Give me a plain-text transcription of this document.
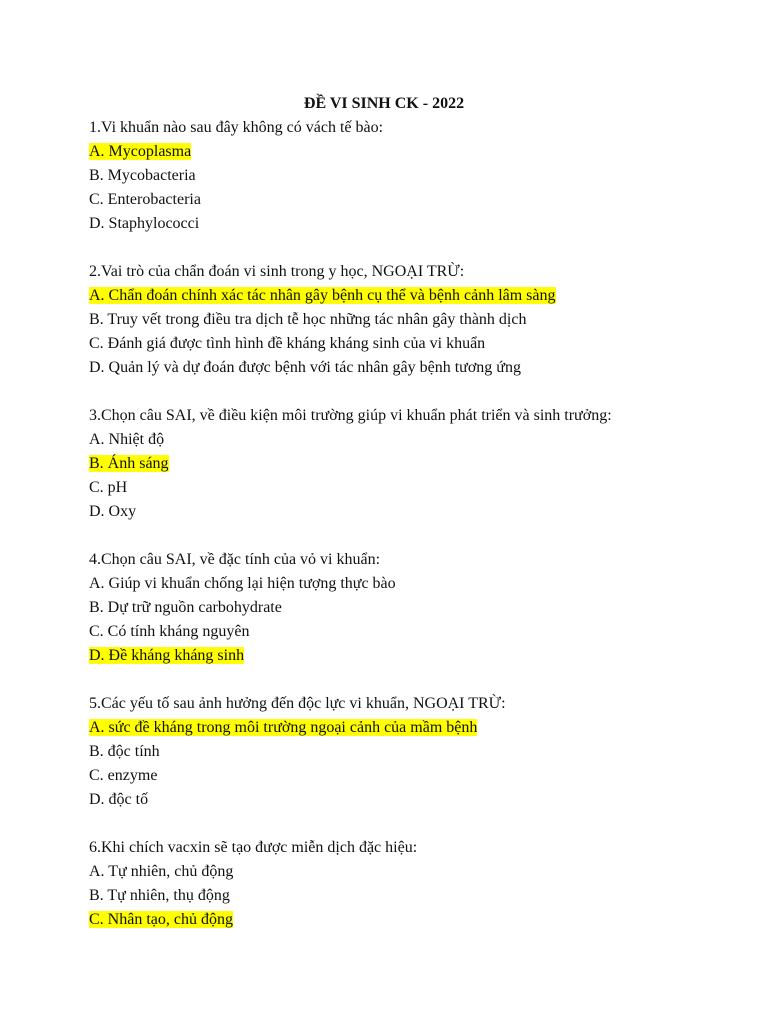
ĐỀ VI SINH CK - 2022
1.Vi khuẩn nào sau đây không có vách tế bào:
A. Mycoplasma
B. Mycobacteria
C. Enterobacteria
D. Staphylococci
2.Vai trò của chẩn đoán vi sinh trong y học, NGOẠI TRỪ:
A. Chẩn đoán chính xác tác nhân gây bệnh cụ thể và bệnh cảnh lâm sàng
B. Truy vết trong điều tra dịch tễ học những tác nhân gây thành dịch
C. Đánh giá được tình hình đề kháng kháng sinh của vi khuẩn
D. Quản lý và dự đoán được bệnh với tác nhân gây bệnh tương ứng
3.Chọn câu SAI, về điều kiện môi trường giúp vi khuẩn phát triển và sinh trưởng:
A. Nhiệt độ
B. Ánh sáng
C. pH
D. Oxy
4.Chọn câu SAI, về đặc tính của vỏ vi khuẩn:
A. Giúp vi khuẩn chống lại hiện tượng thực bào
B. Dự trữ nguồn carbohydrate
C. Có tính kháng nguyên
D. Đề kháng kháng sinh
5.Các yếu tố sau ảnh hưởng đến độc lực vi khuẩn, NGOẠI TRỪ:
A. sức đề kháng trong môi trường ngoại cảnh của mầm bệnh
B. độc tính
C. enzyme
D. độc tố
6.Khi chích vacxin sẽ tạo được miễn dịch đặc hiệu:
A. Tự nhiên, chủ động
B. Tự nhiên, thụ động
C. Nhân tạo, chủ động
